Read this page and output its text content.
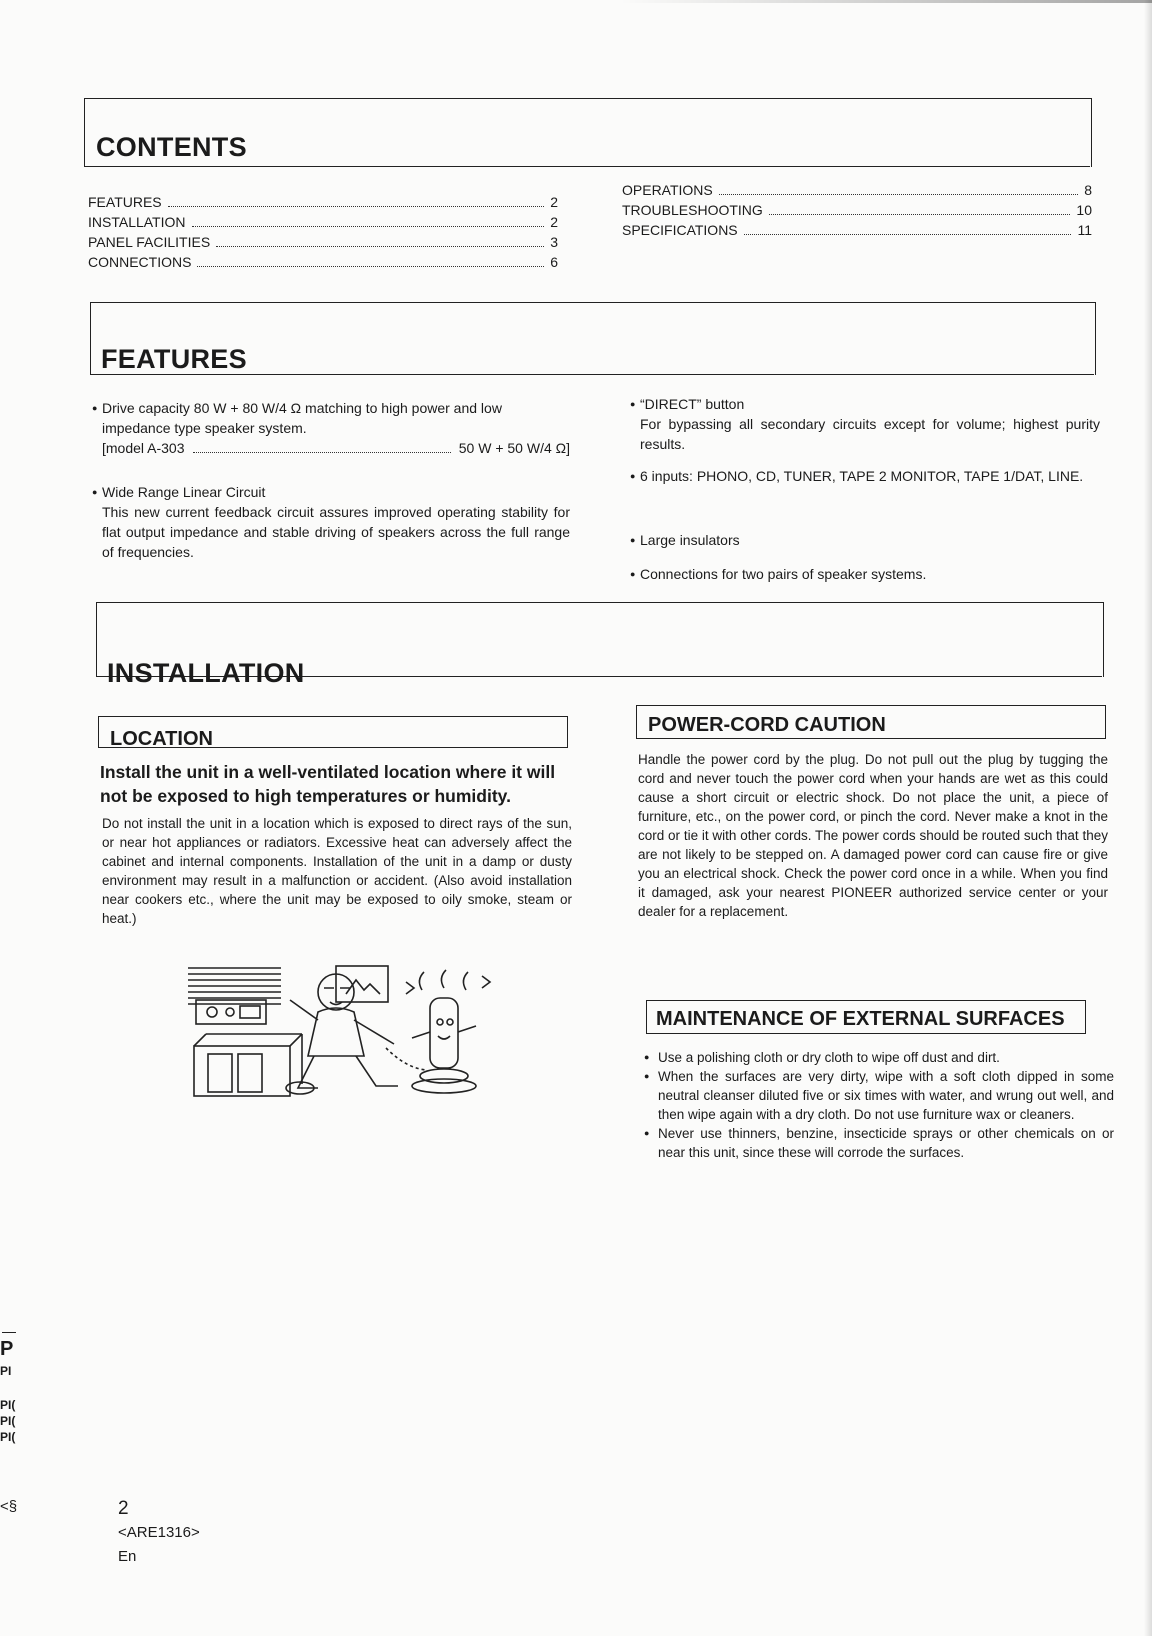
CONTENTS
FEATURES	2
INSTALLATION	2
PANEL FACILITIES	3
CONNECTIONS	6
OPERATIONS	8
TROUBLESHOOTING	10
SPECIFICATIONS	11
FEATURES
● Drive capacity 80 W + 80 W/4 Ω matching to high power and low

impedance type speaker system.

[model A-303	50 W + 50 W/4 Ω]
● Wide Range Linear Circuit

This new current feedback circuit assures improved operating stability for flat output impedance and stable driving of speakers across the full range of frequencies.

● “DIRECT” button

For bypassing all secondary circuits except for volume; highest purity results.

● 6 inputs: PHONO, CD, TUNER, TAPE 2 MONITOR, TAPE 1/DAT, LINE.

● Large insulators

● Connections for two pairs of speaker systems.

INSTALLATION
LOCATION
Install the unit in a well-ventilated location where it will not be exposed to high temperatures or humidity.
Do not install the unit in a location which is exposed to direct rays of the sun, or near hot appliances or radiators. Excessive heat can adversely affect the cabinet and internal components. Installation of the unit in a damp or dusty environment may result in a malfunction or accident. (Also avoid installation near cookers etc., where the unit may be exposed to oily smoke, steam or heat.)
POWER-CORD CAUTION
Handle the power cord by the plug. Do not pull out the plug by tugging the cord and never touch the power cord when your hands are wet as this could cause a short circuit or electric shock. Do not place the unit, a piece of furniture, etc., on the power cord, or pinch the cord. Never make a knot in the cord or tie it with other cords. The power cords should be routed such that they are not likely to be stepped on. A damaged power cord can cause fire or give you an electrical shock. Check the power cord once in a while. When you find it damaged, ask your nearest PIONEER authorized service center or your dealer for a replacement.
MAINTENANCE OF EXTERNAL SURFACES
● Use a polishing cloth or dry cloth to wipe off dust and dirt.
● When the surfaces are very dirty, wipe with a soft cloth dipped in some neutral cleanser diluted five or six times with water, and wrung out well, and then wipe again with a dry cloth. Do not use furniture wax or cleaners.
● Never use thinners, benzine, insecticide sprays or other chemicals on or near this unit, since these will corrode the surfaces.
P
PI
PI(
PI(
PI(
<§	2
<ARE1316>
En
